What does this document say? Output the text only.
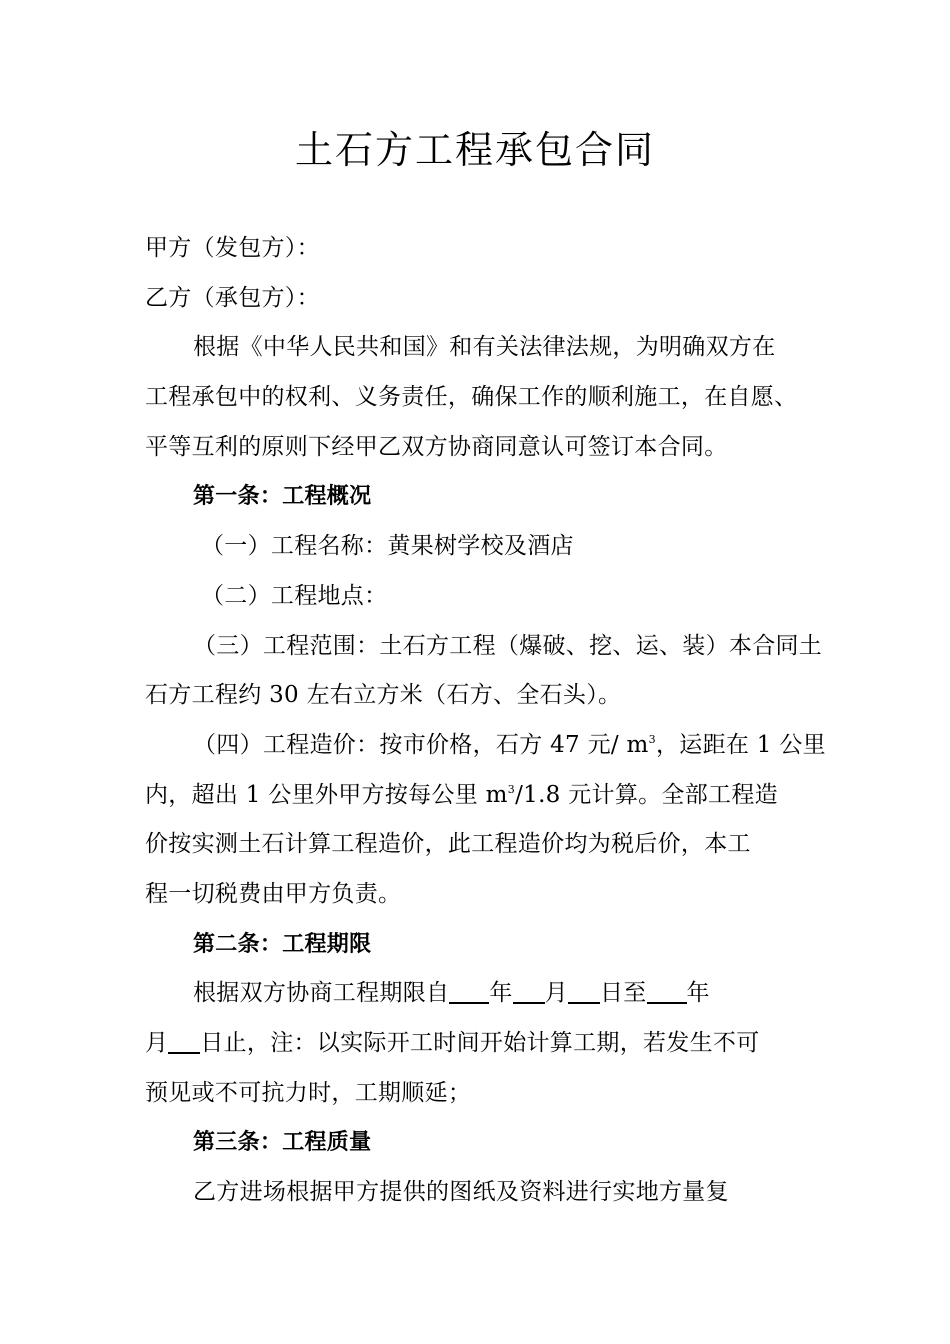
土石方工程承包合同
甲方（发包方）：
乙方（承包方）：
根据《中华人民共和国》和有关法律法规，为明确双方在
工程承包中的权利、义务责任，确保工作的顺利施工，在自愿、
平等互利的原则下经甲乙双方协商同意认可签订本合同。
第一条：工程概况
（一）工程名称：黄果树学校及酒店
（二）工程地点：
（三）工程范围：土石方工程（爆破、挖、运、装）本合同土
石方工程约 30 左右立方米（石方、全石头）。
（四）工程造价：按市价格，石方 47 元/ $m^3$，运距在 1 公里
内，超出 1 公里外甲方按每公里 $m^3/1.8$ 元计算。全部工程造
价按实测土石计算工程造价，此工程造价均为税后价，本工
程一切税费由甲方负责。
第二条：工程期限
根据双方协商工程期限自 年 月 日至 年
月 日止，注：以实际开工时间开始计算工期，若发生不可
预见或不可抗力时，工期顺延；
第三条：工程质量
乙方进场根据甲方提供的图纸及资料进行实地方量复
